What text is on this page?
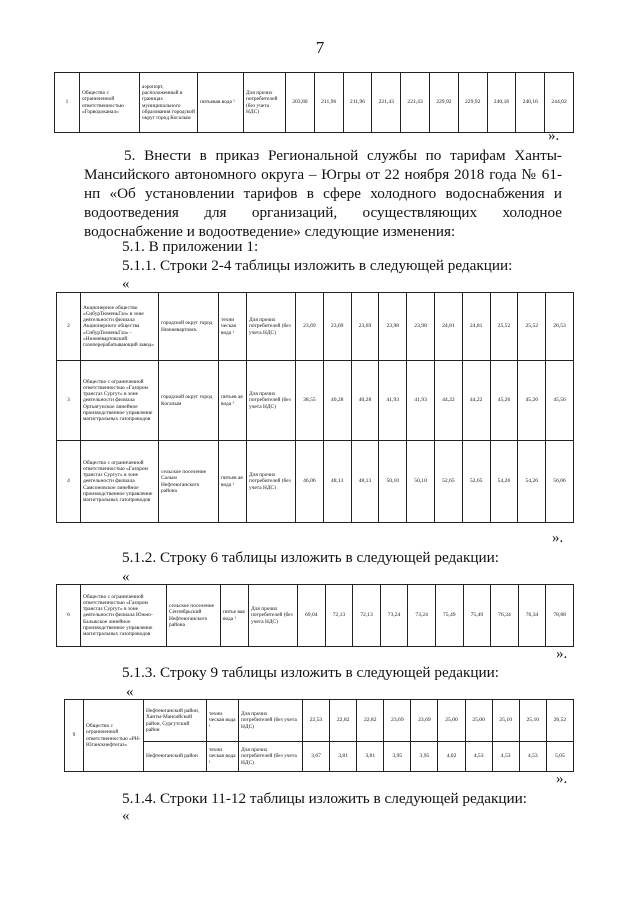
7
1	Общество с ограниченной ответственностью «Горводоканал»	аэропорт, расположенный в границах муниципального образования городской округ город Когалым	питьевая вода ¹	Для прочих потребителей (без учета НДС)	203,80	211,96	211,96	221,43	221,43	229,92	229,92	240,16	240,16	244,02
».
5. Внести в приказ Региональной службы по тарифам Ханты-Мансийского автономного округа – Югры от 22 ноября 2018 года № 61-нп «Об установлении тарифов в сфере холодного водоснабжения и водоотведения для организаций, осуществляющих холодное водоснабжение и водоотведение» следующие изменения:
5.1. В приложении 1:
5.1.1. Строки 2-4 таблицы изложить в следующей редакции:
«
2	Акционерное общество «СибурТюменьГаз» в зоне деятельности филиала Акционерного общества «СибурТюменьГаз» - «Нижневартовский газоперерабатывающий завод»	городской округ город Нижневартовск	техни ческая вода ¹	Для прочих потребителей (без учета НДС)	23,69	23,69	23,69	23,98	23,98	24,81	24,81	25,52	25,52	26,53
3	Общество с ограниченной ответственностью «Газпром трансгаз Сургут» в зоне деятельности филиала Ортьягунское линейное производственное управление магистральных газопроводов	городской округ город Когалым	питьев ая вода ¹	Для прочих потребителей (без учета НДС)	38,55	40,28	40,28	41,93	41,93	44,22	44,22	45,26	45,26	45,56
4	Общество с ограниченной ответственностью «Газпром трансгаз Сургут» в зоне деятельности филиала Самсоновское линейное производственное управление магистральных газопроводов	сельское поселение Салым Нефтеюганского района	питьев ая вода ¹	Для прочих потребителей (без учета НДС)	46,06	48,13	48,13	50,10	50,10	52,65	52,65	54,26	54,26	56,06
».
5.1.2. Строку 6 таблицы изложить в следующей редакции:
«
6	Общество с ограниченной ответственностью «Газпром трансгаз Сургут» в зоне деятельности филиала Южно-Балыкское линейное производственное управление магистральных газопроводов	сельское поселение Сентябрьский Нефтеюганского района	питье вая вода ¹	Для прочих потребителей (без учета НДС)	69,04	72,13	72,13	73,24	73,24	75,49	75,49	76,34	76,34	78,88
».
5.1.3. Строку 9 таблицы изложить в следующей редакции:
«
9	Общество с ограниченной ответственностью «РН-Юганскнефтегаз»	Нефтеюганский район, Ханты-Мансийский район, Сургутский район	техни ческая вода ¹	Для прочих потребителей (без учета НДС)	22,53	22,82	22,82	23,69	23,69	25,00	25,00	25,10	25,10	26,52
		Нефтеюганский район	техни ческая вода ¹	Для прочих потребителей (без учета НДС)	3,67	3,81	3,81	3,95	3,95	4,02	4,53	4,53	4,53	5,05
».
5.1.4. Строки 11-12 таблицы изложить в следующей редакции:
«
